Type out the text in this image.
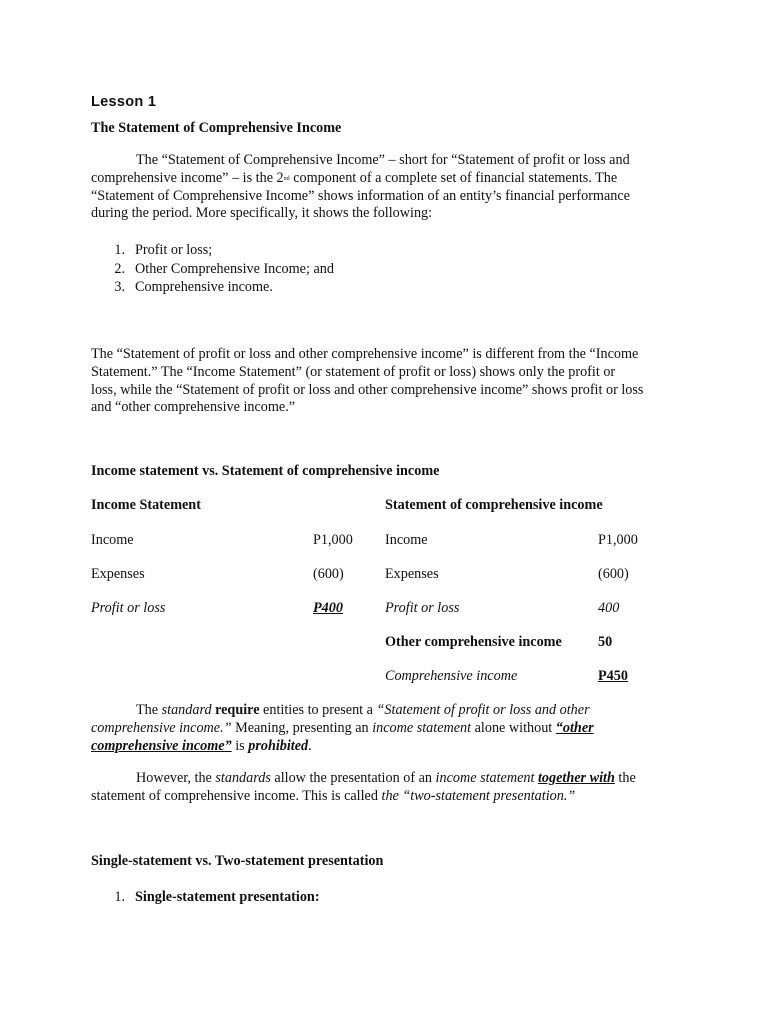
Lesson 1
The Statement of Comprehensive Income
The “Statement of Comprehensive Income” – short for “Statement of profit or loss and
comprehensive income” – is the 2nd component of a complete set of financial statements. The
“Statement of Comprehensive Income” shows information of an entity’s financial performance
during the period. More specifically, it shows the following:
1. Profit or loss;
2. Other Comprehensive Income; and
3. Comprehensive income.
The “Statement of profit or loss and other comprehensive income” is different from the “Income
Statement.” The “Income Statement” (or statement of profit or loss) shows only the profit or
loss, while the “Statement of profit or loss and other comprehensive income” shows profit or loss
and “other comprehensive income.”
Income statement vs. Statement of comprehensive income
Income Statement
Income	P1,000
Expenses	(600)
Profit or loss	P400
Statement of comprehensive income
Income	P1,000
Expenses	(600)
Profit or loss	400
Other comprehensive income	50
Comprehensive income	P450
The standard require entities to present a “Statement of profit or loss and other
comprehensive income.” Meaning, presenting an income statement alone without “other
comprehensive income” is prohibited.
However, the standards allow the presentation of an income statement together with the
statement of comprehensive income. This is called the “two-statement presentation.”
Single-statement vs. Two-statement presentation
1. Single-statement presentation:
